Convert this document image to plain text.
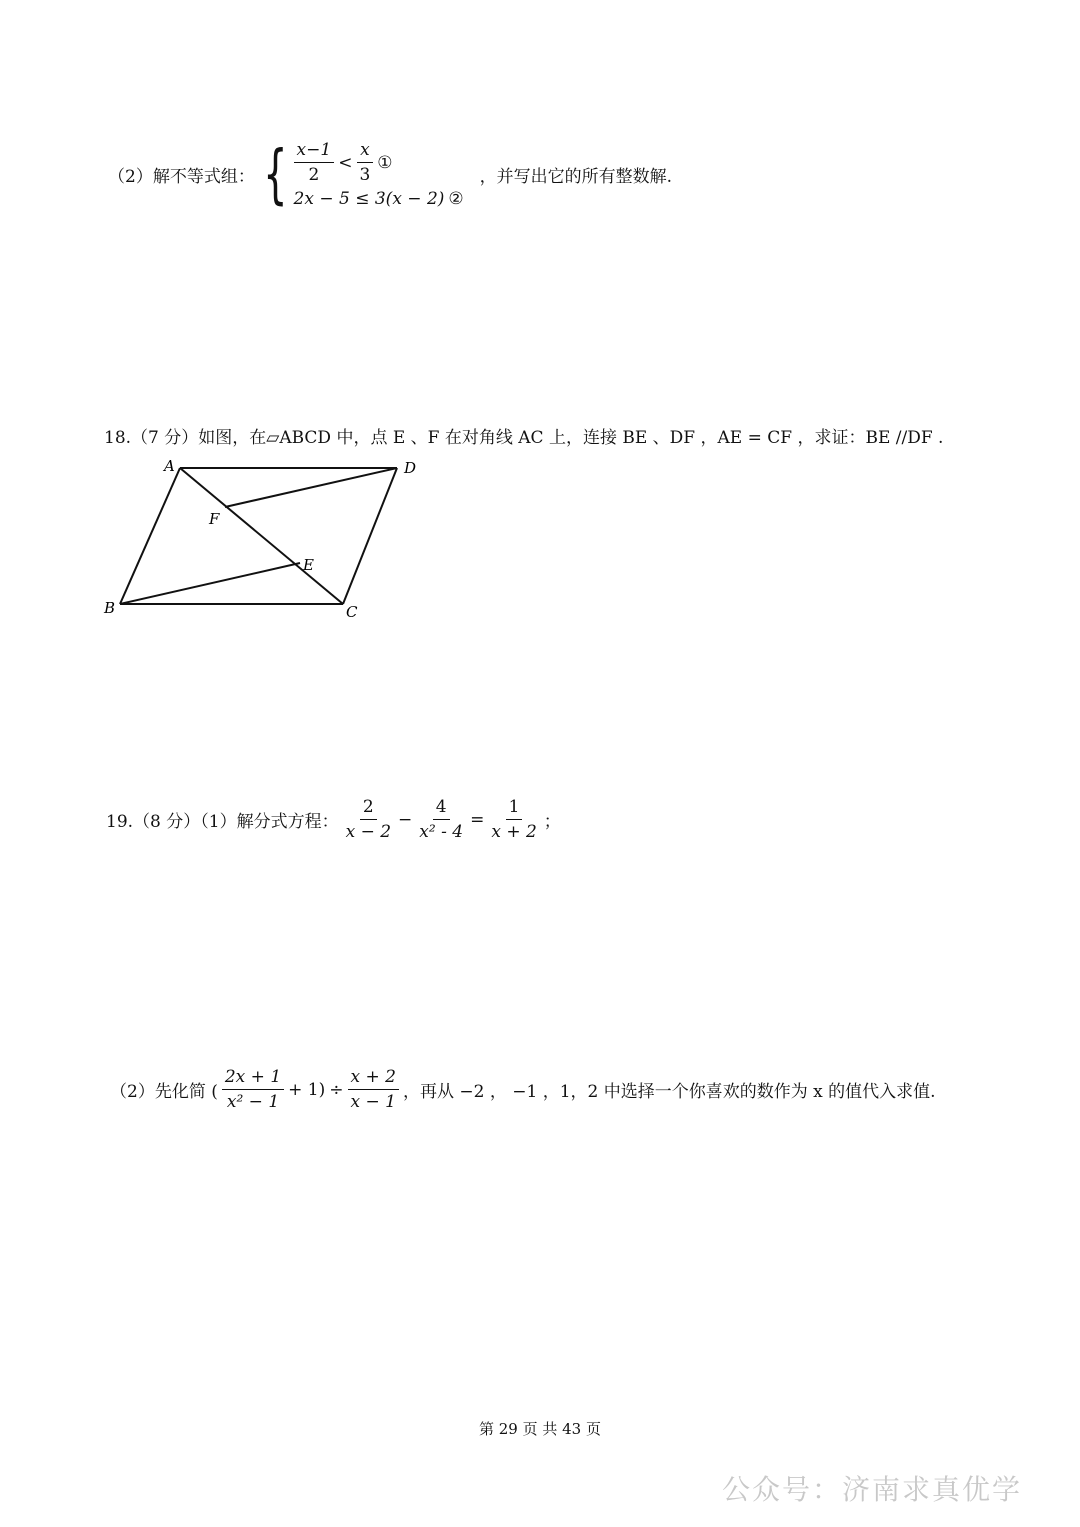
（2）解不等式组： { $\frac{x-1}{2} < \frac{x}{3}$ ①
2x − 5 ≤ 3(x − 2) ②
，并写出它的所有整数解.
18.（7 分）如图，在▱ABCD 中，点 E 、F 在对角线 AC 上，连接 BE 、DF ，AE = CF ，求证：BE //DF .
A	D
B	C
E
F
19.（8 分）（1）解分式方程： $\frac{2}{x - 2} - \frac{4}{\text{x² - 4}} = \frac{1}{x + 2}$ ；
（2）先化简 ( $\frac{2x + 1}{\text{x² − 1}} + 1) \div \frac{x + 2}{x - 1}$ ，再从 −2 ， −1 ，1，2 中选择一个你喜欢的数作为 x 的值代入求值.
第 29 页 共 43 页
公众号：济南求真优学
